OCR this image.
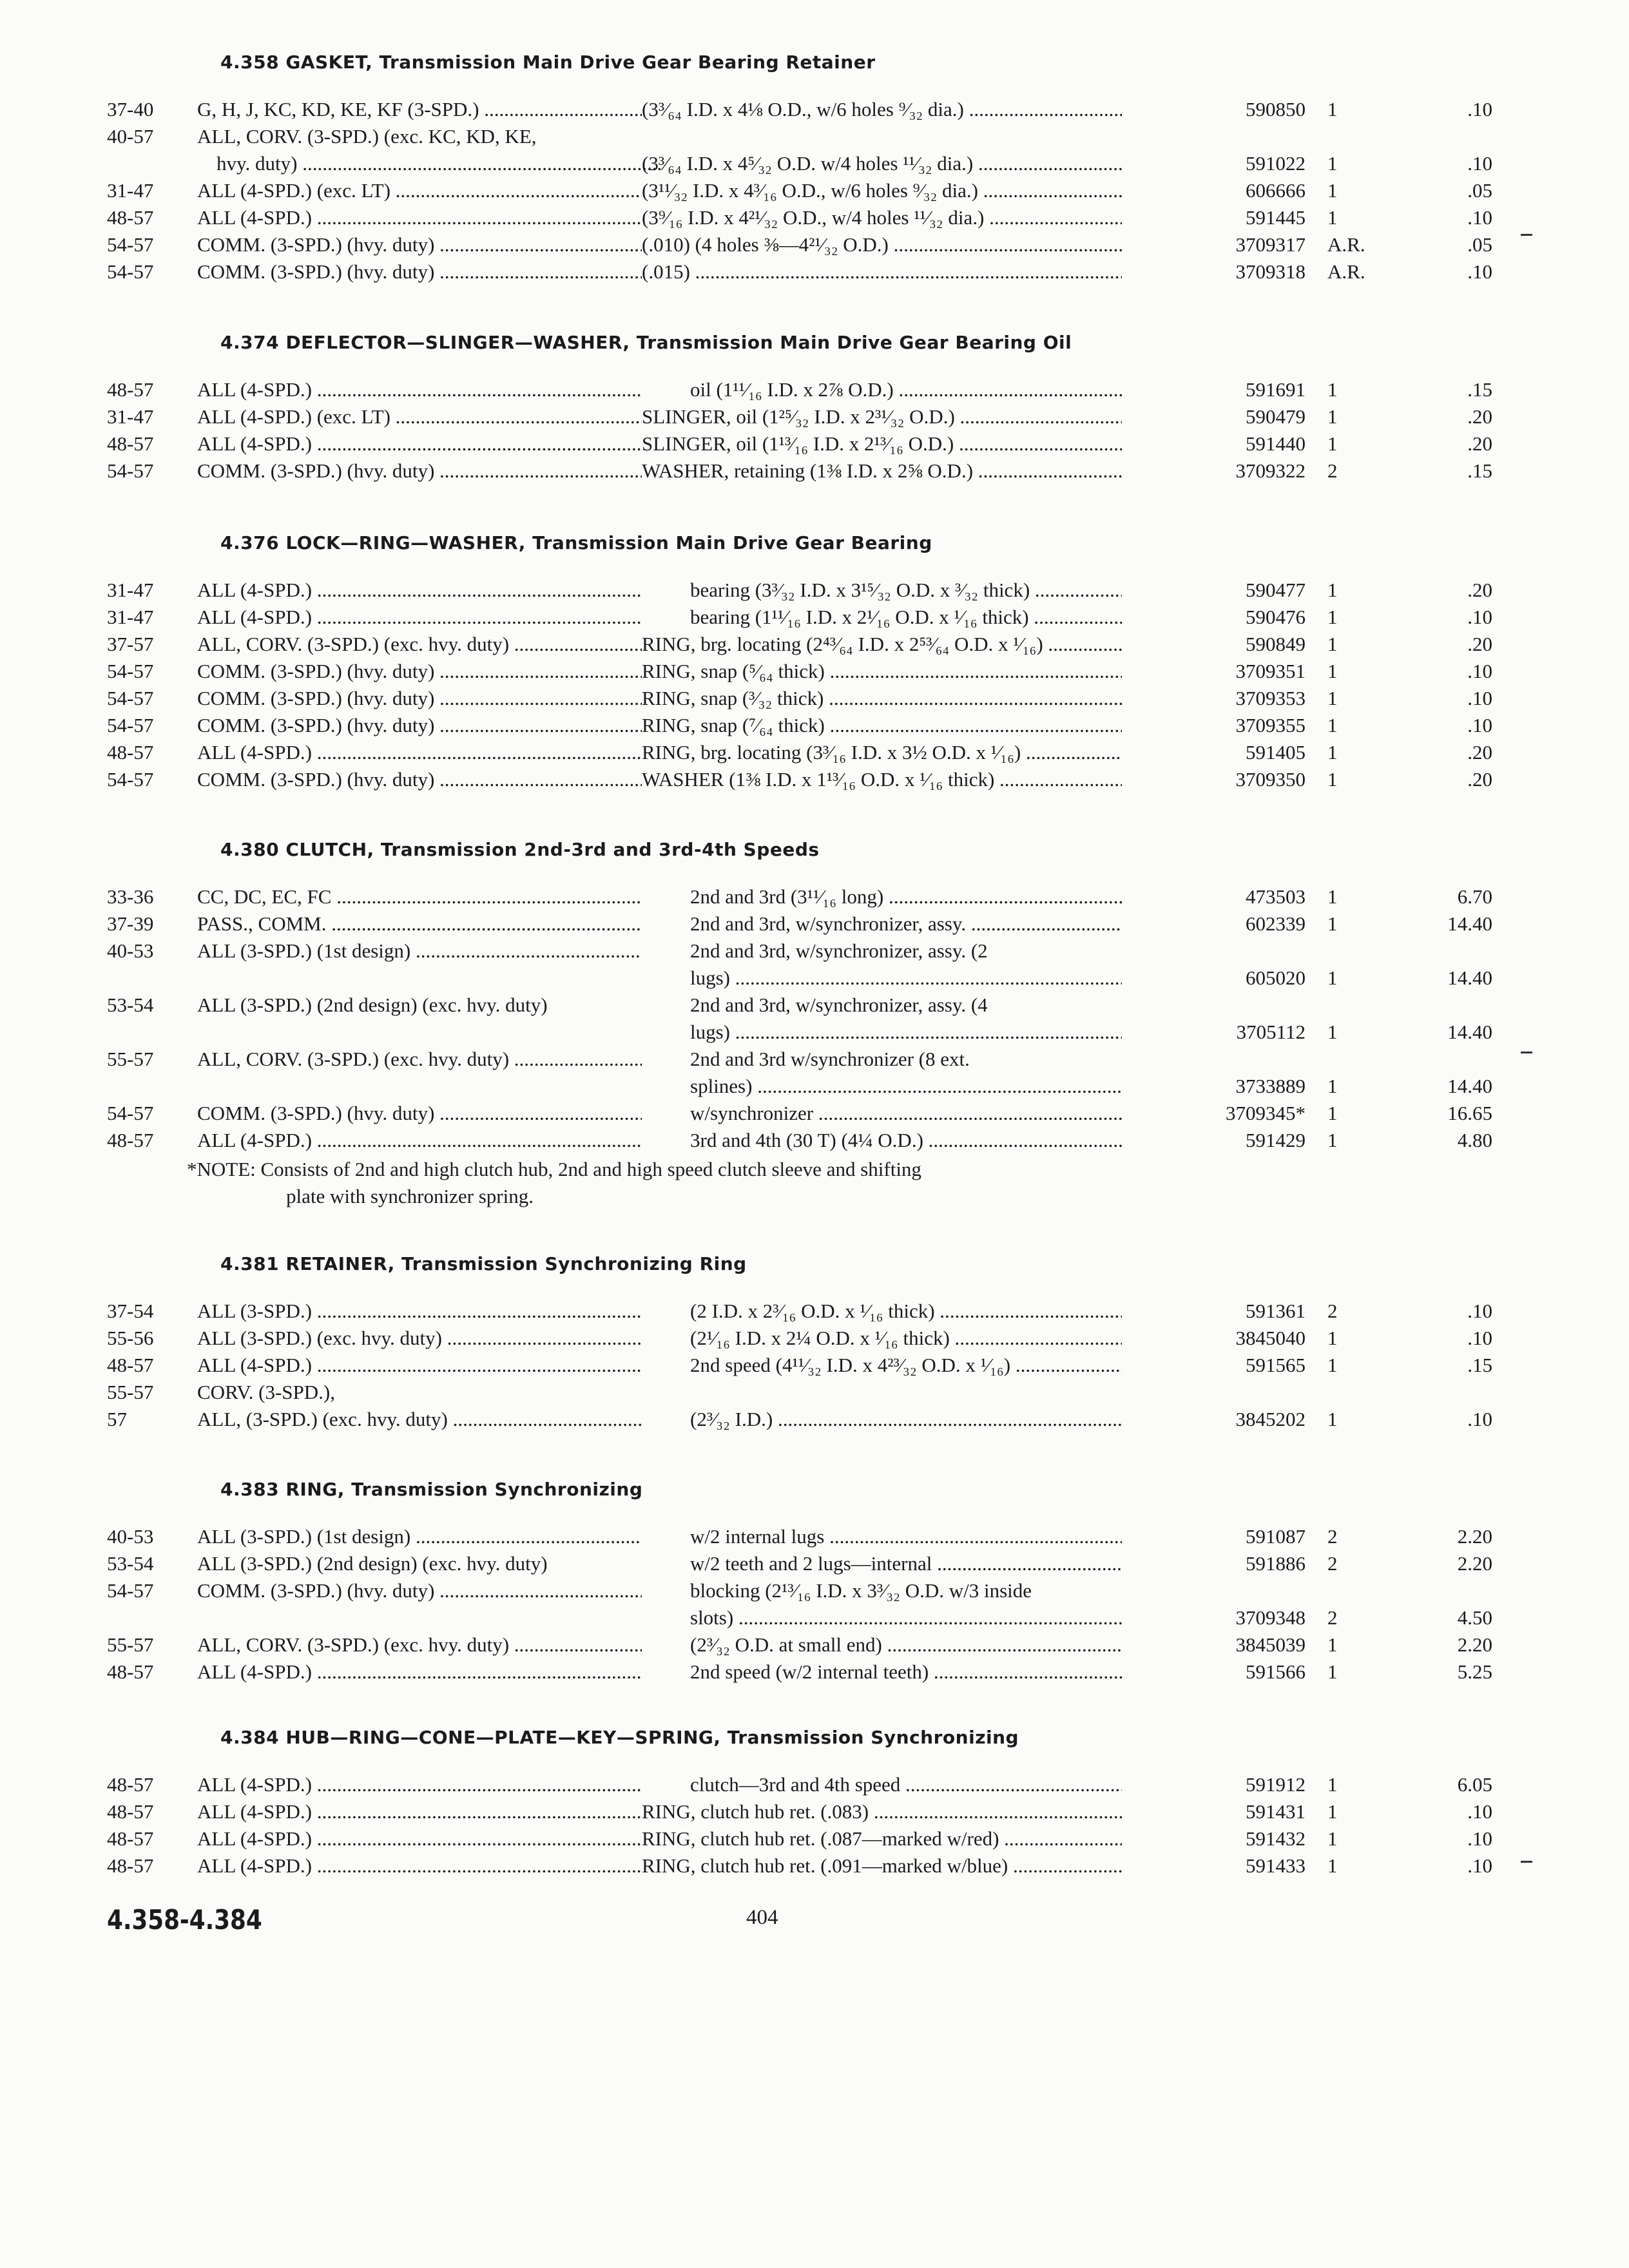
4.358 GASKET, Transmission Main Drive Gear Bearing Retainer
37-40	G, H, J, KC, KD, KE, KF (3-SPD.) .....	(3³⁄₆₄ I.D. x 4⅛ O.D., w/6 holes ⁹⁄₃₂ dia.) .....	590850 1	.10
40-57	ALL, CORV. (3-SPD.) (exc. KC, KD, KE,
hvy. duty) .....	(3³⁄₆₄ I.D. x 4⁵⁄₃₂ O.D. w/4 holes ¹¹⁄₃₂ dia.) .....	591022 1	.10
31-47	ALL (4-SPD.) (exc. LT) .....	(3¹¹⁄₃₂ I.D. x 4³⁄₁₆ O.D., w/6 holes ⁹⁄₃₂ dia.) .....	606666 1	.05
48-57	ALL (4-SPD.) .....	(3⁹⁄₁₆ I.D. x 4²¹⁄₃₂ O.D., w/4 holes ¹¹⁄₃₂ dia.) .....	591445 1	.10
54-57	COMM. (3-SPD.) (hvy. duty) .....	(.010) (4 holes ⅜—4²¹⁄₃₂ O.D.) .....	3709317 A.R.	.05
54-57	COMM. (3-SPD.) (hvy. duty) .....	(.015) .....	3709318 A.R.	.10
4.374 DEFLECTOR—SLINGER—WASHER, Transmission Main Drive Gear Bearing Oil
48-57	ALL (4-SPD.) .....	oil (1¹¹⁄₁₆ I.D. x 2⅞ O.D.) .....	591691 1	.15
31-47	ALL (4-SPD.) (exc. LT) .....	SLINGER, oil (1²⁵⁄₃₂ I.D. x 2³¹⁄₃₂ O.D.) .....	590479 1	.20
48-57	ALL (4-SPD.) .....	SLINGER, oil (1¹³⁄₁₆ I.D. x 2¹³⁄₁₆ O.D.) .....	591440 1	.20
54-57	COMM. (3-SPD.) (hvy. duty) .....	WASHER, retaining (1⅜ I.D. x 2⅝ O.D.) .....	3709322 2	.15
4.376 LOCK—RING—WASHER, Transmission Main Drive Gear Bearing
31-47	ALL (4-SPD.) .....	bearing (3³⁄₃₂ I.D. x 3¹⁵⁄₃₂ O.D. x ³⁄₃₂ thick) .....	590477 1	.20
31-47	ALL (4-SPD.) .....	bearing (1¹¹⁄₁₆ I.D. x 2¹⁄₁₆ O.D. x ¹⁄₁₆ thick) .....	590476 1	.10
37-57	ALL, CORV. (3-SPD.) (exc. hvy. duty) .....	RING, brg. locating (2⁴³⁄₆₄ I.D. x 2⁵³⁄₆₄ O.D. x ¹⁄₁₆) .....	590849 1	.20
54-57	COMM. (3-SPD.) (hvy. duty) .....	RING, snap (⁵⁄₆₄ thick) .....	3709351 1	.10
54-57	COMM. (3-SPD.) (hvy. duty) .....	RING, snap (³⁄₃₂ thick) .....	3709353 1	.10
54-57	COMM. (3-SPD.) (hvy. duty) .....	RING, snap (⁷⁄₆₄ thick) .....	3709355 1	.10
48-57	ALL (4-SPD.) .....	RING, brg. locating (3³⁄₁₆ I.D. x 3½ O.D. x ¹⁄₁₆) .....	591405 1	.20
54-57	COMM. (3-SPD.) (hvy. duty) .....	WASHER (1⅜ I.D. x 1¹³⁄₁₆ O.D. x ¹⁄₁₆ thick) .....	3709350 1	.20
4.380 CLUTCH, Transmission 2nd-3rd and 3rd-4th Speeds
33-36	CC, DC, EC, FC .....	2nd and 3rd (3¹¹⁄₁₆ long) .....	473503 1	6.70
37-39	PASS., COMM. .....	2nd and 3rd, w/synchronizer, assy. .....	602339 1	14.40
40-53	ALL (3-SPD.) (1st design) .....	2nd and 3rd, w/synchronizer, assy. (2
lugs) .....	605020 1	14.40
53-54	ALL (3-SPD.) (2nd design) (exc. hvy. duty)	2nd and 3rd, w/synchronizer, assy. (4
lugs) .....	3705112 1	14.40
55-57	ALL, CORV. (3-SPD.) (exc. hvy. duty) .....	2nd and 3rd w/synchronizer (8 ext.
splines) .....	3733889 1	14.40
54-57	COMM. (3-SPD.) (hvy. duty) .....	w/synchronizer .....	3709345* 1	16.65
48-57	ALL (4-SPD.) .....	3rd and 4th (30 T) (4¼ O.D.) .....	591429 1	4.80
*NOTE: Consists of 2nd and high clutch hub, 2nd and high speed clutch sleeve and shifting
plate with synchronizer spring.
4.381 RETAINER, Transmission Synchronizing Ring
37-54	ALL (3-SPD.) .....	(2 I.D. x 2³⁄₁₆ O.D. x ¹⁄₁₆ thick) .....	591361 2	.10
55-56	ALL (3-SPD.) (exc. hvy. duty) .....	(2¹⁄₁₆ I.D. x 2¼ O.D. x ¹⁄₁₆ thick) .....	3845040 1	.10
48-57	ALL (4-SPD.) .....	2nd speed (4¹¹⁄₃₂ I.D. x 4²³⁄₃₂ O.D. x ¹⁄₁₆) .....	591565 1	.15
55-57	CORV. (3-SPD.),
57	ALL, (3-SPD.) (exc. hvy. duty) .....	(2³⁄₃₂ I.D.) .....	3845202 1	.10
4.383 RING, Transmission Synchronizing
40-53	ALL (3-SPD.) (1st design) .....	w/2 internal lugs .....	591087 2	2.20
53-54	ALL (3-SPD.) (2nd design) (exc. hvy. duty)	w/2 teeth and 2 lugs—internal .....	591886 2	2.20
54-57	COMM. (3-SPD.) (hvy. duty) .....	blocking (2¹³⁄₁₆ I.D. x 3³⁄₃₂ O.D. w/3 inside
slots) .....	3709348 2	4.50
55-57	ALL, CORV. (3-SPD.) (exc. hvy. duty) .....	(2³⁄₃₂ O.D. at small end) .....	3845039 1	2.20
48-57	ALL (4-SPD.) .....	2nd speed (w/2 internal teeth) .....	591566 1	5.25
4.384 HUB—RING—CONE—PLATE—KEY—SPRING, Transmission Synchronizing
48-57	ALL (4-SPD.) .....	clutch—3rd and 4th speed .....	591912 1	6.05
48-57	ALL (4-SPD.) .....	RING, clutch hub ret. (.083) .....	591431 1	.10
48-57	ALL (4-SPD.) .....	RING, clutch hub ret. (.087—marked w/red) .....	591432 1	.10
48-57	ALL (4-SPD.) .....	RING, clutch hub ret. (.091—marked w/blue) .....	591433 1	.10
4.358-4.384	404
